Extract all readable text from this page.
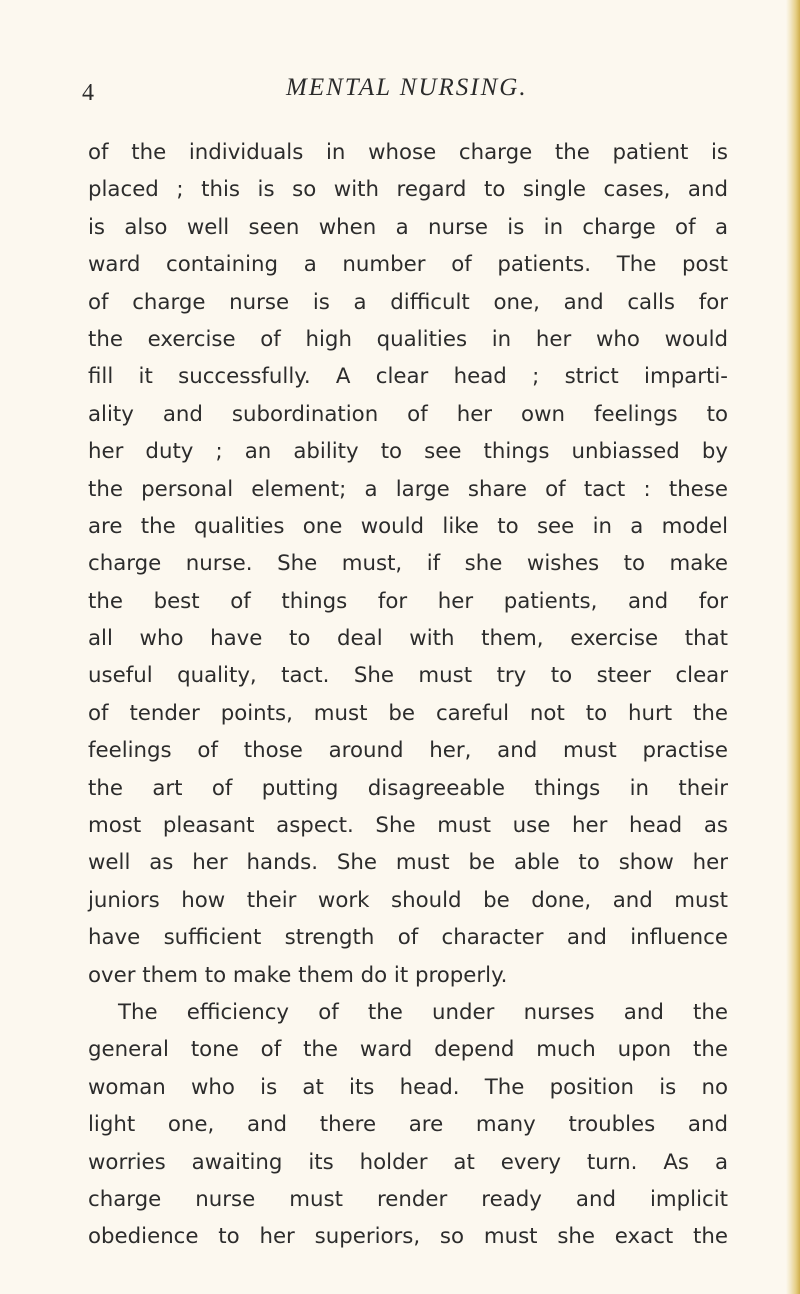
4	MENTAL NURSING.
of the individuals in whose charge the patient is
placed ; this is so with regard to single cases, and
is also well seen when a nurse is in charge of a
ward containing a number of patients. The post
of charge nurse is a difficult one, and calls for
the exercise of high qualities in her who would
fill it successfully. A clear head ; strict imparti-
ality and subordination of her own feelings to
her duty ; an ability to see things unbiassed by
the personal element; a large share of tact : these
are the qualities one would like to see in a model
charge nurse. She must, if she wishes to make
the best of things for her patients, and for
all who have to deal with them, exercise that
useful quality, tact. She must try to steer clear
of tender points, must be careful not to hurt the
feelings of those around her, and must practise
the art of putting disagreeable things in their
most pleasant aspect. She must use her head as
well as her hands. She must be able to show her
juniors how their work should be done, and must
have sufficient strength of character and influence
over them to make them do it properly.
The efficiency of the under nurses and the
general tone of the ward depend much upon the
woman who is at its head. The position is no
light one, and there are many troubles and
worries awaiting its holder at every turn. As a
charge nurse must render ready and implicit
obedience to her superiors, so must she exact the
